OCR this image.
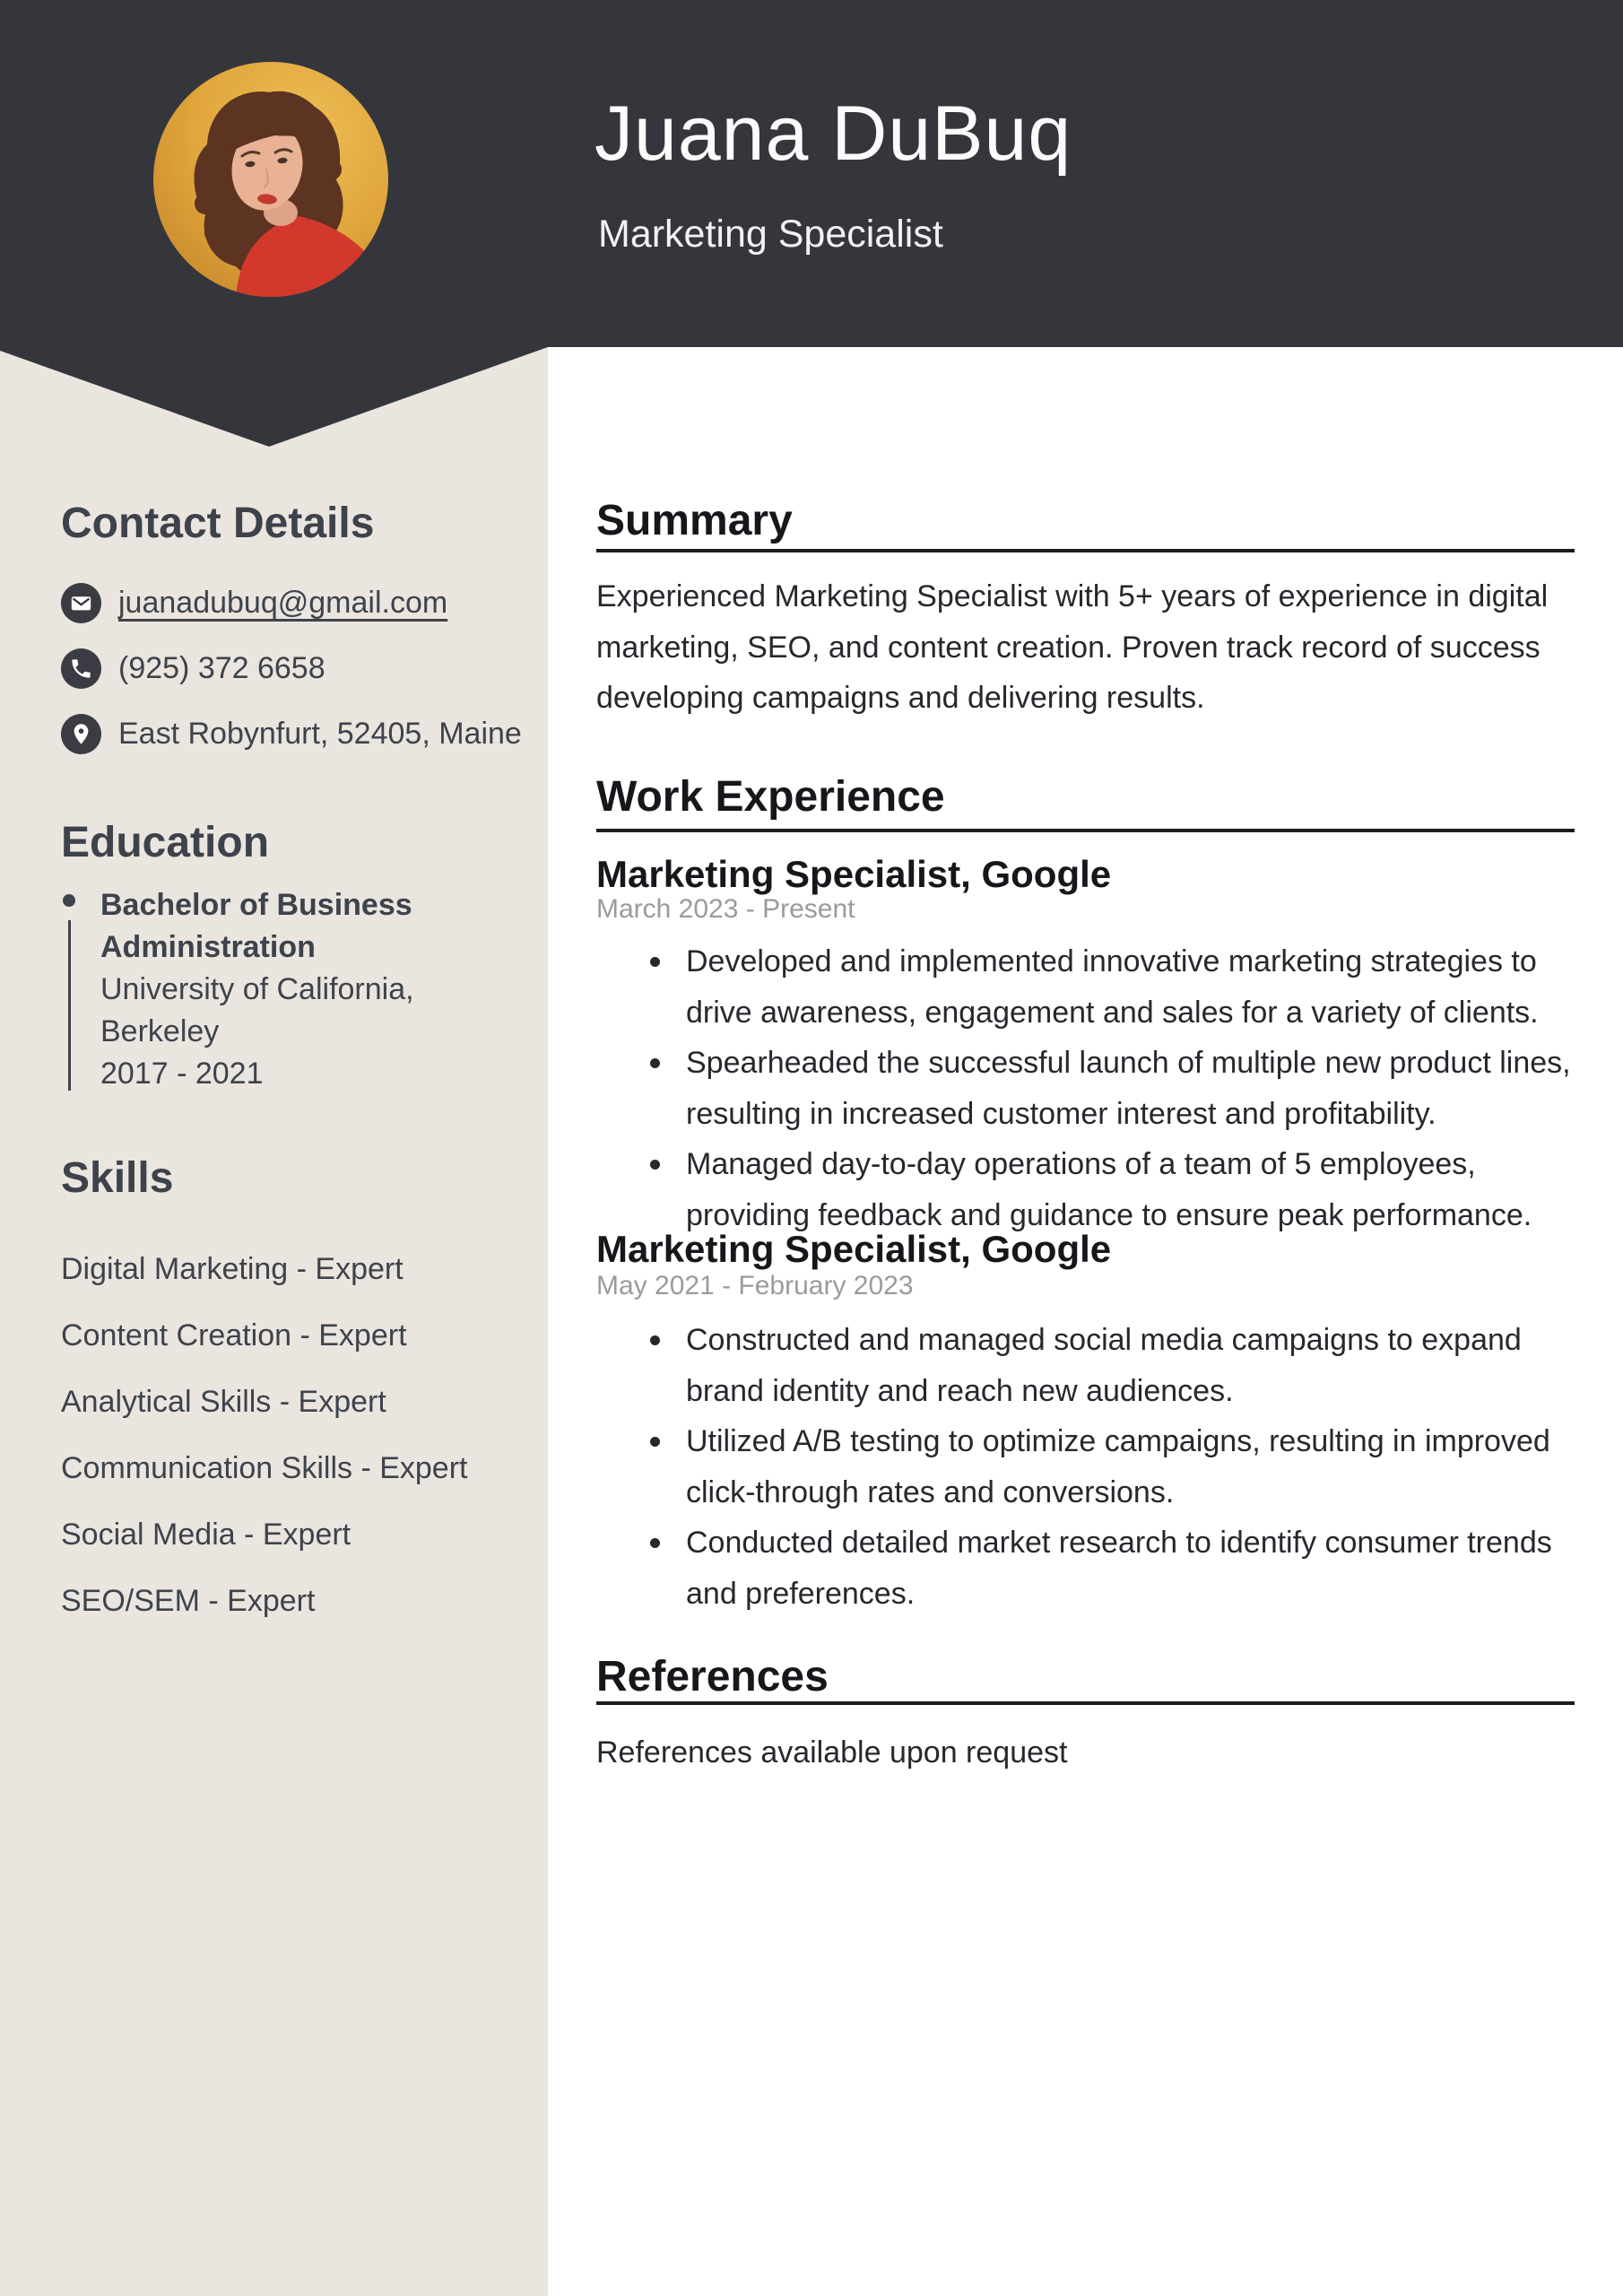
Juana DuBuq
Marketing Specialist
Contact Details
juanadubuq@gmail.com
(925) 372 6658
East Robynfurt, 52405, Maine
Education
Bachelor of Business Administration
University of California, Berkeley
2017 - 2021
Skills
Digital Marketing - Expert
Content Creation - Expert
Analytical Skills - Expert
Communication Skills - Expert
Social Media - Expert
SEO/SEM - Expert
Summary
Experienced Marketing Specialist with 5+ years of experience in digital marketing, SEO, and content creation. Proven track record of success developing campaigns and delivering results.
Work Experience
Marketing Specialist, Google
March 2023 - Present
Developed and implemented innovative marketing strategies to drive awareness, engagement and sales for a variety of clients.
Spearheaded the successful launch of multiple new product lines, resulting in increased customer interest and profitability.
Managed day-to-day operations of a team of 5 employees, providing feedback and guidance to ensure peak performance.
Marketing Specialist, Google
May 2021 - February 2023
Constructed and managed social media campaigns to expand brand identity and reach new audiences.
Utilized A/B testing to optimize campaigns, resulting in improved click-through rates and conversions.
Conducted detailed market research to identify consumer trends and preferences.
References
References available upon request
